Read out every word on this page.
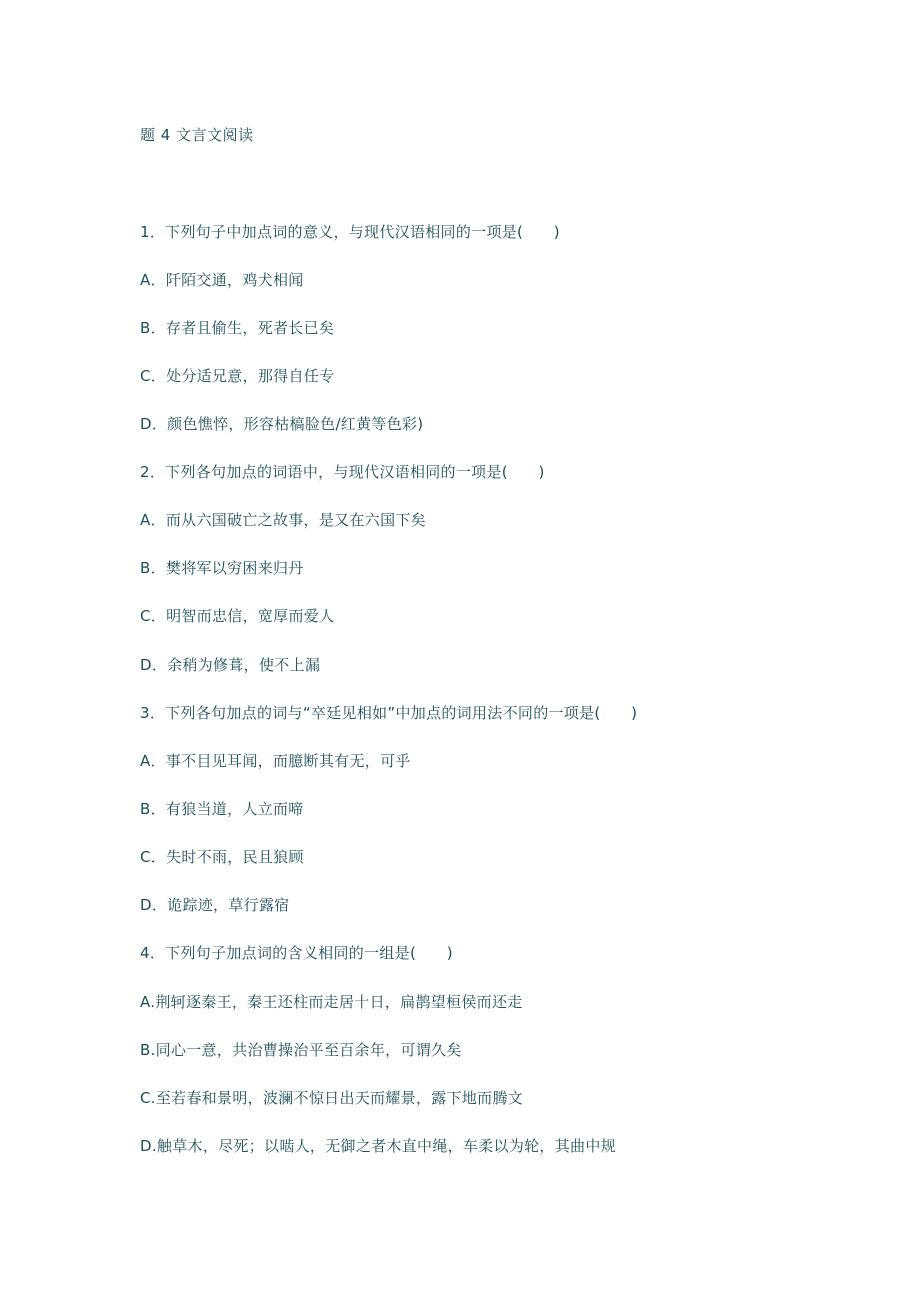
题 4 文言文阅读
1．下列句子中加点词的意义，与现代汉语相同的一项是(　　)
A．阡陌交通，鸡犬相闻
B．存者且偷生，死者长已矣
C．处分适兄意，那得自任专
D．颜色憔悴，形容枯槁脸色/红黄等色彩)
2．下列各句加点的词语中，与现代汉语相同的一项是(　　)
A．而从六国破亡之故事，是又在六国下矣
B．樊将军以穷困来归丹
C．明智而忠信，宽厚而爱人
D．余稍为修葺，使不上漏
3．下列各句加点的词与“卒廷见相如”中加点的词用法不同的一项是(　　)
A．事不目见耳闻，而臆断其有无，可乎
B．有狼当道，人立而啼
C．失时不雨，民且狼顾
D．诡踪迹，草行露宿
4．下列句子加点词的含义相同的一组是(　　)
A.荆轲逐秦王，秦王还柱而走居十日，扁鹊望桓侯而还走
B.同心一意，共治曹操治平至百余年，可谓久矣
C.至若春和景明，波澜不惊日出天而耀景，露下地而腾文
D.触草木，尽死；以啮人，无御之者木直中绳，车柔以为轮，其曲中规
